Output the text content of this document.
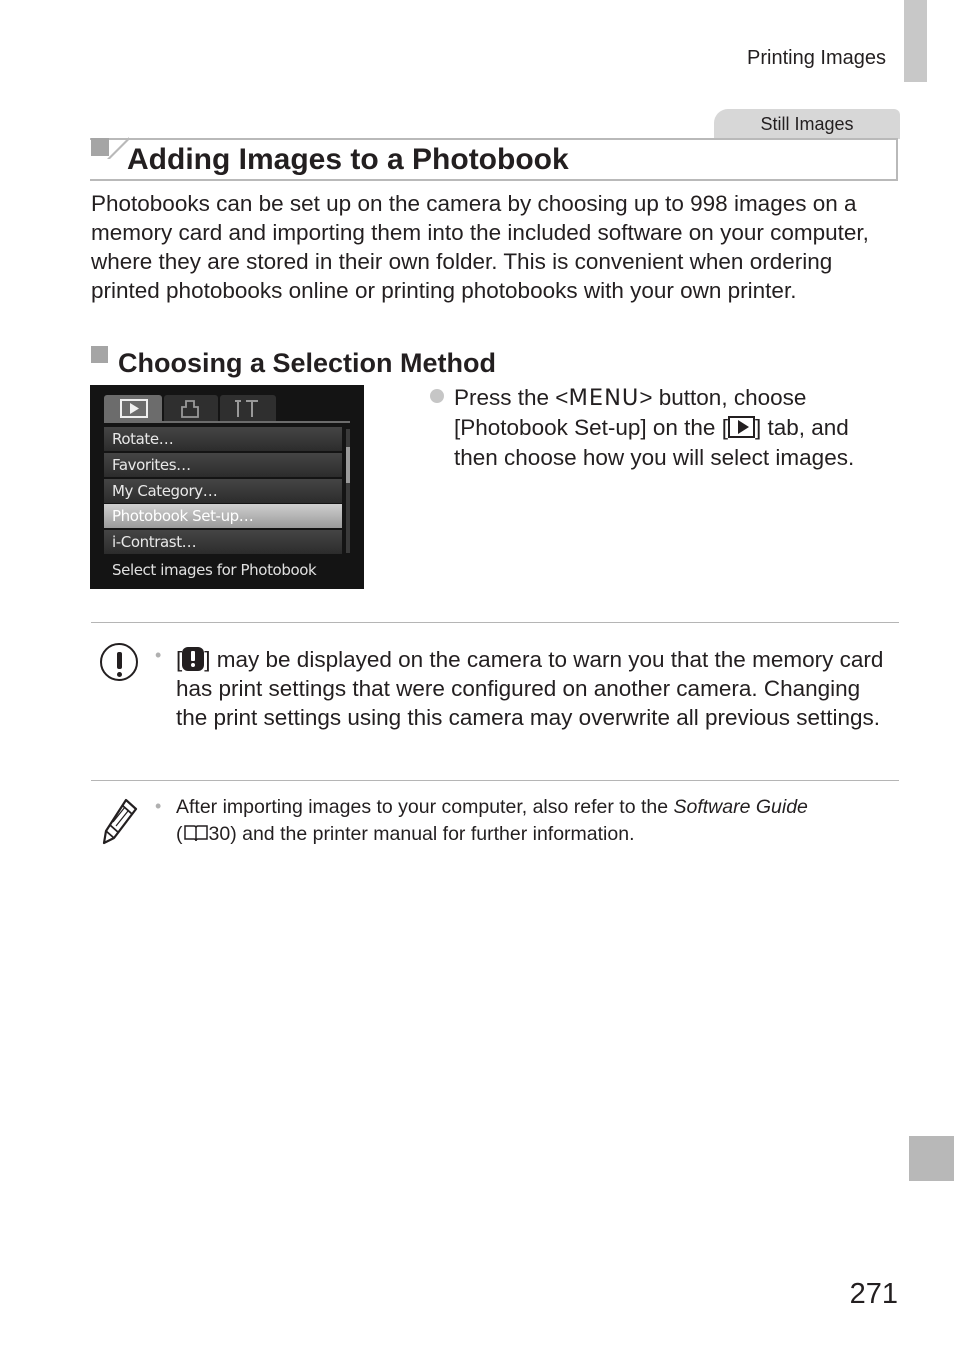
Printing Images
Still Images
Adding Images to a Photobook

Photobooks can be set up on the camera by choosing up to 998 images on a memory card and importing them into the included software on your computer, where they are stored in their own folder. This is convenient when ordering printed photobooks online or printing photobooks with your own printer.

Choosing a Selection Method
Rotate…
Favorites…
My Category…
Photobook Set-up…
i-Contrast…
Select images for Photobook

Press the <MENU> button, choose [Photobook Set-up] on the [ ] tab, and then choose how you will select images.

• [ ] may be displayed on the camera to warn you that the memory card has print settings that were configured on another camera. Changing the print settings using this camera may overwrite all previous settings.

• After importing images to your computer, also refer to the Software Guide
( 30) and the printer manual for further information.

271
